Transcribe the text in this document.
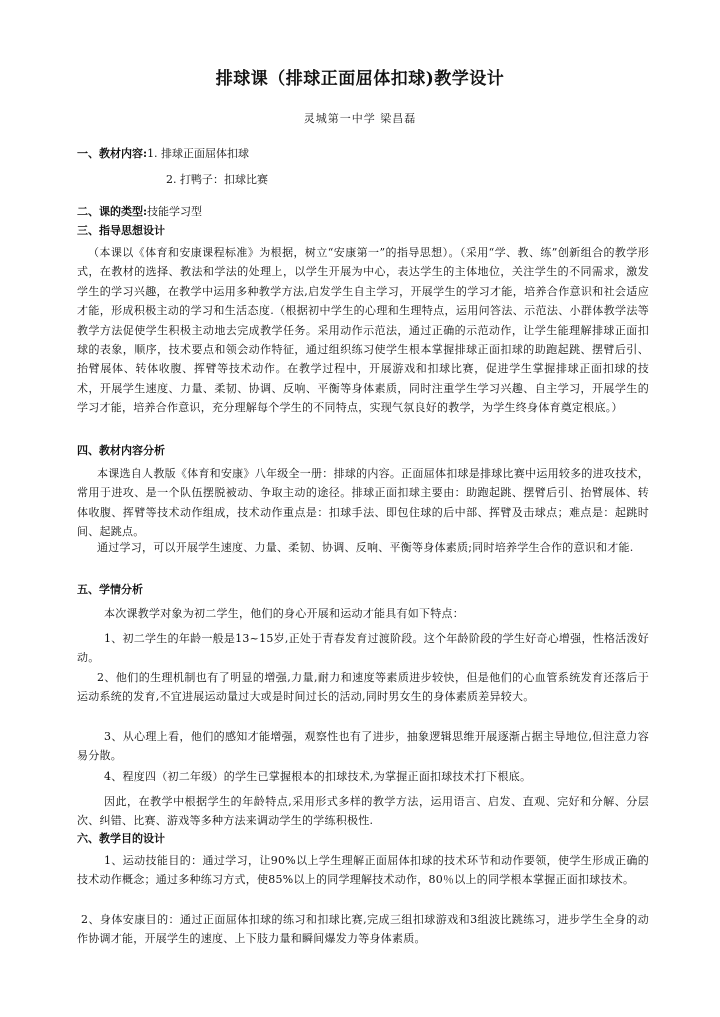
排球课（排球正面屈体扣球)教学设计
灵城第一中学 梁昌磊
一、教材内容:1. 排球正面屈体扣球
2. 打鸭子：扣球比赛
二、课的类型:技能学习型
三、指导思想设计
（本课以《体育和安康课程标准》为根据，树立“安康第一”的指导思想）。（采用“学、教、练”创新组合的教学形式，在教材的选择、教法和学法的处理上，以学生开展为中心，表达学生的主体地位，关注学生的不同需求，激发学生的学习兴趣，在教学中运用多种教学方法,启发学生自主学习，开展学生的学习才能，培养合作意识和社会适应才能，形成积极主动的学习和生活态度.（根据初中学生的心理和生理特点，运用问答法、示范法、小群体教学法等教学方法促使学生积极主动地去完成教学任务。采用动作示范法，通过正确的示范动作，让学生能理解排球正面扣球的表象，顺序，技术要点和领会动作特征，通过组织练习使学生根本掌握排球正面扣球的助跑起跳、摆臂后引、抬臂展体、转体收腹、挥臂等技术动作。在教学过程中，开展游戏和扣球比赛，促进学生掌握排球正面扣球的技术，开展学生速度、力量、柔韧、协调、反响、平衡等身体素质，同时注重学生学习兴趣、自主学习，开展学生的学习才能，培养合作意识，充分理解每个学生的不同特点，实现气氛良好的教学，为学生终身体育奠定根底。）
四、教材内容分析
本课选自人教版《体育和安康》八年级全一册：排球的内容。正面屈体扣球是排球比赛中运用较多的进攻技术，常用于进攻、是一个队伍摆脱被动、争取主动的途径。排球正面扣球主要由：助跑起跳、摆臂后引、抬臂展体、转体收腹、挥臂等技术动作组成，技术动作重点是：扣球手法、即包住球的后中部、挥臂及击球点；难点是：起跳时间、起跳点。
通过学习，可以开展学生速度、力量、柔韧、协调、反响、平衡等身体素质;同时培养学生合作的意识和才能.
五、学情分析
本次课教学对象为初二学生，他们的身心开展和运动才能具有如下特点：
1、初二学生的年龄一般是13~15岁,正处于青春发育过渡阶段。这个年龄阶段的学生好奇心增强，性格活泼好动。
2、他们的生理机制也有了明显的增强,力量,耐力和速度等素质进步较快，但是他们的心血管系统发育还落后于运动系统的发育,不宜进展运动量过大或是时间过长的活动,同时男女生的身体素质差异较大。
3、从心理上看，他们的感知才能增强，观察性也有了进步，抽象逻辑思维开展逐渐占据主导地位,但注意力容易分散。
4、程度四（初二年级）的学生已掌握根本的扣球技术,为掌握正面扣球技术打下根底。
因此，在教学中根据学生的年龄特点,采用形式多样的教学方法，运用语言、启发、直观、完好和分解、分层次、纠错、比赛、游戏等多种方法来调动学生的学练积极性.
六、教学目的设计
1、运动技能目的：通过学习，让90%以上学生理解正面屈体扣球的技术环节和动作要领，使学生形成正确的技术动作概念；通过多种练习方式，使85%以上的同学理解技术动作，80％以上的同学根本掌握正面扣球技术。
2、身体安康目的：通过正面屈体扣球的练习和扣球比赛,完成三组扣球游戏和3组波比跳练习，进步学生全身的动作协调才能，开展学生的速度、上下肢力量和瞬间爆发力等身体素质。
